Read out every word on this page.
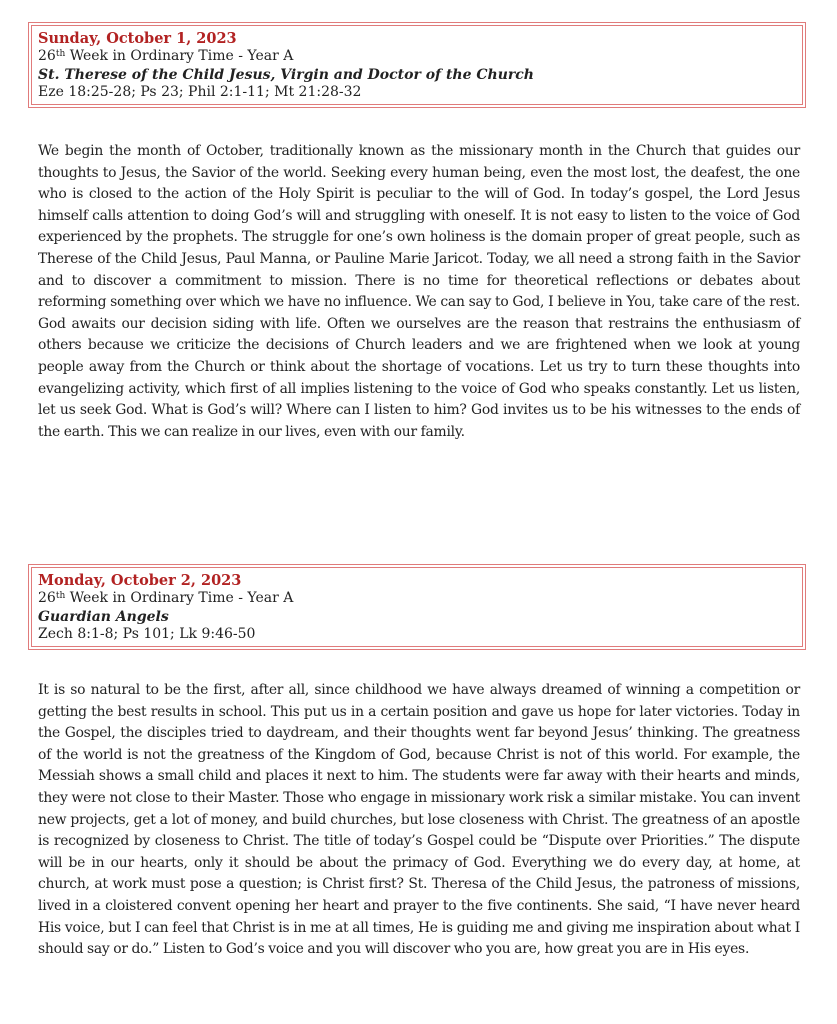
Sunday, October 1, 2023
26th Week in Ordinary Time - Year A
St. Therese of the Child Jesus, Virgin and Doctor of the Church
Eze 18:25-28; Ps 23; Phil 2:1-11; Mt 21:28-32

We begin the month of October, traditionally known as the missionary month in the Church that guides our thoughts to Jesus, the Savior of the world. Seeking every human being, even the most lost, the deafest, the one who is closed to the action of the Holy Spirit is peculiar to the will of God. In today’s gospel, the Lord Jesus himself calls attention to doing God’s will and struggling with oneself. It is not easy to listen to the voice of God experienced by the prophets. The struggle for one’s own holiness is the domain proper of great people, such as Therese of the Child Jesus, Paul Manna, or Pauline Marie Jaricot. Today, we all need a strong faith in the Savior and to discover a commitment to mission. There is no time for theoretical reflections or debates about reforming something over which we have no influence. We can say to God, I believe in You, take care of the rest. God awaits our decision siding with life. Often we ourselves are the reason that restrains the enthusiasm of others because we criticize the decisions of Church leaders and we are frightened when we look at young people away from the Church or think about the shortage of vocations. Let us try to turn these thoughts into evangelizing activity, which first of all implies listening to the voice of God who speaks constantly. Let us listen, let us seek God. What is God’s will? Where can I listen to him? God invites us to be his witnesses to the ends of the earth. This we can realize in our lives, even with our family.

Monday, October 2, 2023
26th Week in Ordinary Time - Year A
Guardian Angels
Zech 8:1-8; Ps 101; Lk 9:46-50

It is so natural to be the first, after all, since childhood we have always dreamed of winning a competition or getting the best results in school. This put us in a certain position and gave us hope for later victories. Today in the Gospel, the disciples tried to daydream, and their thoughts went far beyond Jesus’ thinking. The greatness of the world is not the greatness of the Kingdom of God, because Christ is not of this world. For example, the Messiah shows a small child and places it next to him. The students were far away with their hearts and minds, they were not close to their Master. Those who engage in missionary work risk a similar mistake. You can invent new projects, get a lot of money, and build churches, but lose closeness with Christ. The greatness of an apostle is recognized by closeness to Christ. The title of today’s Gospel could be “Dispute over Priorities.” The dispute will be in our hearts, only it should be about the primacy of God. Everything we do every day, at home, at church, at work must pose a question; is Christ first? St. Theresa of the Child Jesus, the patroness of missions, lived in a cloistered convent opening her heart and prayer to the five continents. She said, “I have never heard His voice, but I can feel that Christ is in me at all times, He is guiding me and giving me inspiration about what I should say or do.” Listen to God’s voice and you will discover who you are, how great you are in His eyes.
